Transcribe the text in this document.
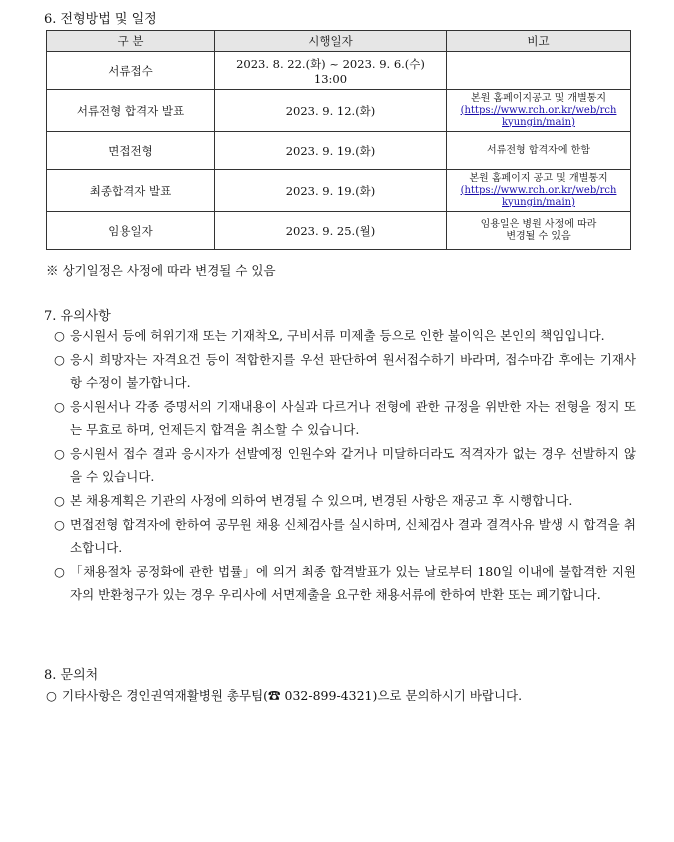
6. 전형방법 및 일정
구 분	시행일자	비고
서류접수	2023. 8. 22.(화) ~ 2023. 9. 6.(수) 13:00	
서류전형 합격자 발표	2023. 9. 12.(화)	본원 홈페이지공고 및 개별통지
(https://www.rch.or.kr/web/rch
kyungin/main)

면접전형	2023. 9. 19.(화)	서류전형 합격자에 한함
최종합격자 발표	2023. 9. 19.(화)	본원 홈페이지 공고 및 개별통지
(https://www.rch.or.kr/web/rch
kyungin/main)

임용일자	2023. 9. 25.(월)	임용일은 병원 사정에 따라
변경될 수 있음
※ 상기일정은 사정에 따라 변경될 수 있음
7. 유의사항
○ 응시원서 등에 허위기재 또는 기재착오, 구비서류 미제출 등으로 인한 불이익은 본인의 책임입니다.
○ 응시 희망자는 자격요건 등이 적합한지를 우선 판단하여 원서접수하기 바라며, 접수마감 후에는 기재사항 수정이 불가합니다.
○ 응시원서나 각종 증명서의 기재내용이 사실과 다르거나 전형에 관한 규정을 위반한 자는 전형을 정지 또는 무효로 하며, 언제든지 합격을 취소할 수 있습니다.
○ 응시원서 접수 결과 응시자가 선발예정 인원수와 같거나 미달하더라도 적격자가 없는 경우 선발하지 않을 수 있습니다.
○ 본 채용계획은 기관의 사정에 의하여 변경될 수 있으며, 변경된 사항은 재공고 후 시행합니다.
○ 면접전형 합격자에 한하여 공무원 채용 신체검사를 실시하며, 신체검사 결과 결격사유 발생 시 합격을 취소합니다.
○ 「채용절차 공정화에 관한 법률」에 의거 최종 합격발표가 있는 날로부터 180일 이내에 불합격한 지원자의 반환청구가 있는 경우 우리사에 서면제출을 요구한 채용서류에 한하여 반환 또는 폐기합니다.
8. 문의처
○ 기타사항은 경인권역재활병원 총무팀(☎ 032-899-4321)으로 문의하시기 바랍니다.
